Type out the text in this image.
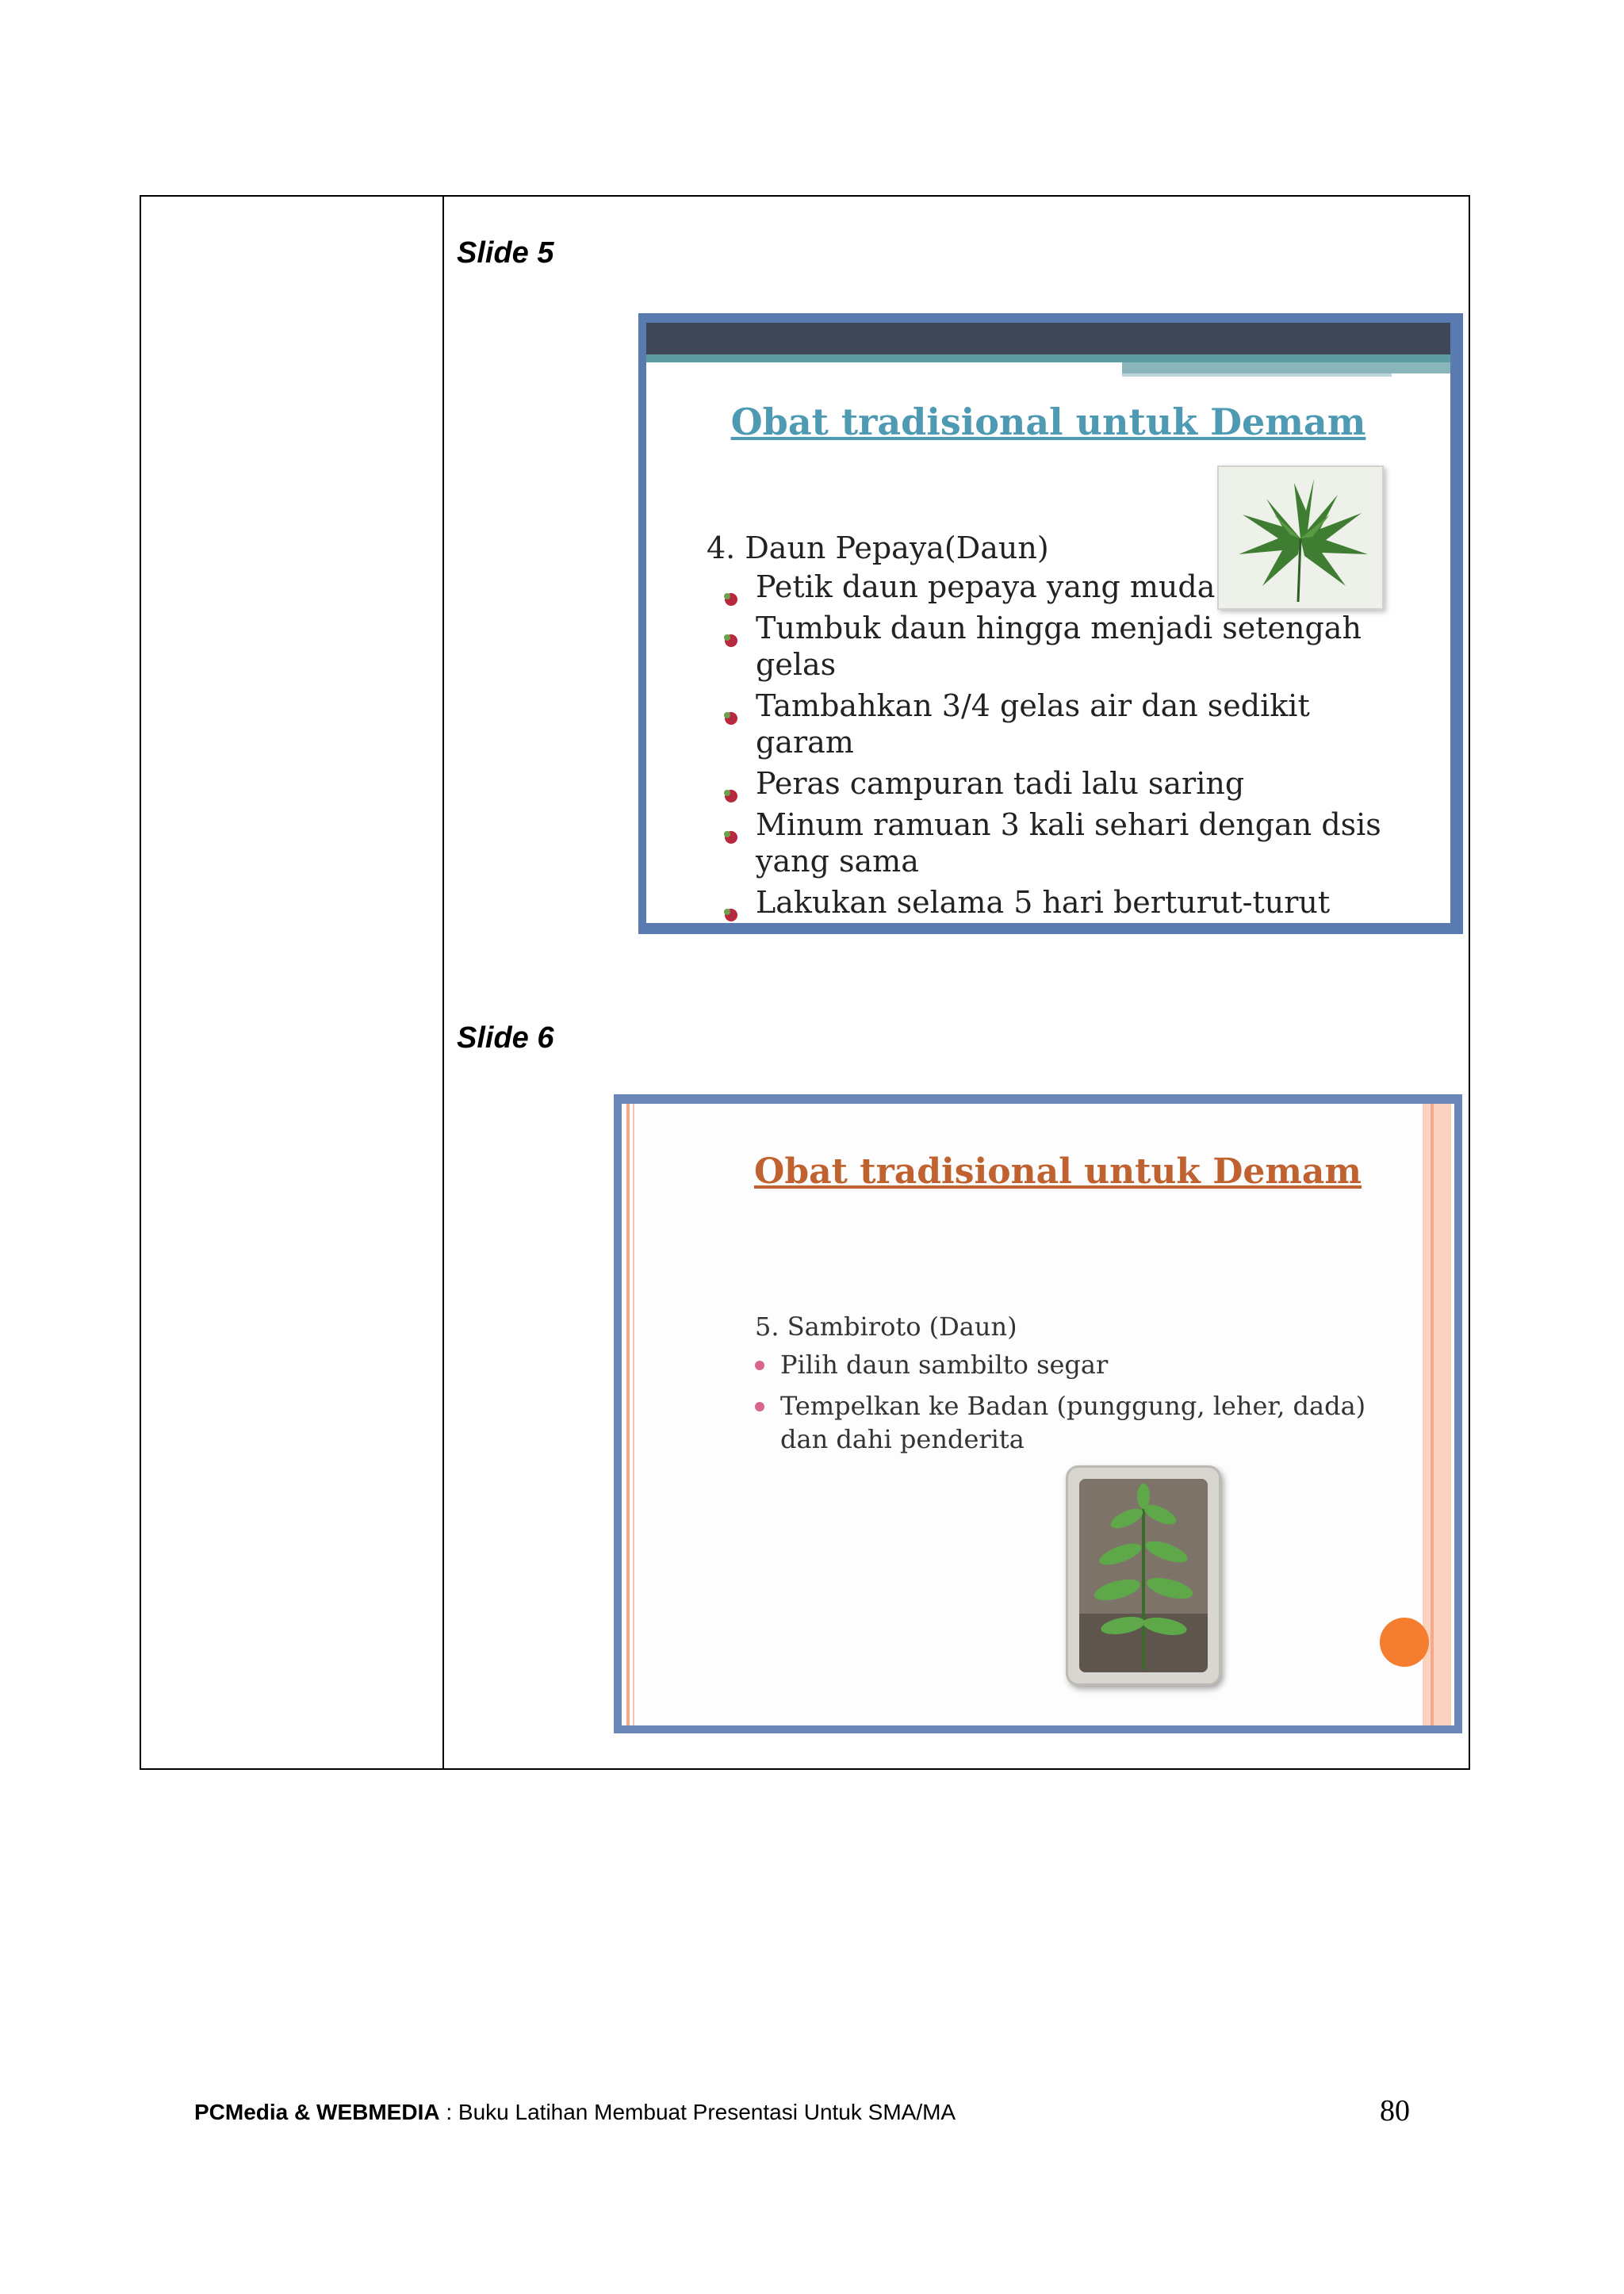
Slide 5
Obat tradisional untuk Demam
4. Daun Pepaya(Daun)
Petik daun pepaya yang muda
Tumbuk daun hingga menjadi setengah gelas
Tambahkan 3/4 gelas air dan sedikit garam
Peras campuran tadi lalu saring
Minum ramuan 3 kali sehari dengan dsis yang sama
Lakukan selama 5 hari berturut-turut
Slide 6
Obat tradisional untuk Demam
5. Sambiroto (Daun)
Pilih daun sambilto segar
Tempelkan ke Badan (punggung, leher, dada) dan dahi penderita
PCMedia & WEBMEDIA : Buku Latihan Membuat Presentasi Untuk SMA/MA	80
